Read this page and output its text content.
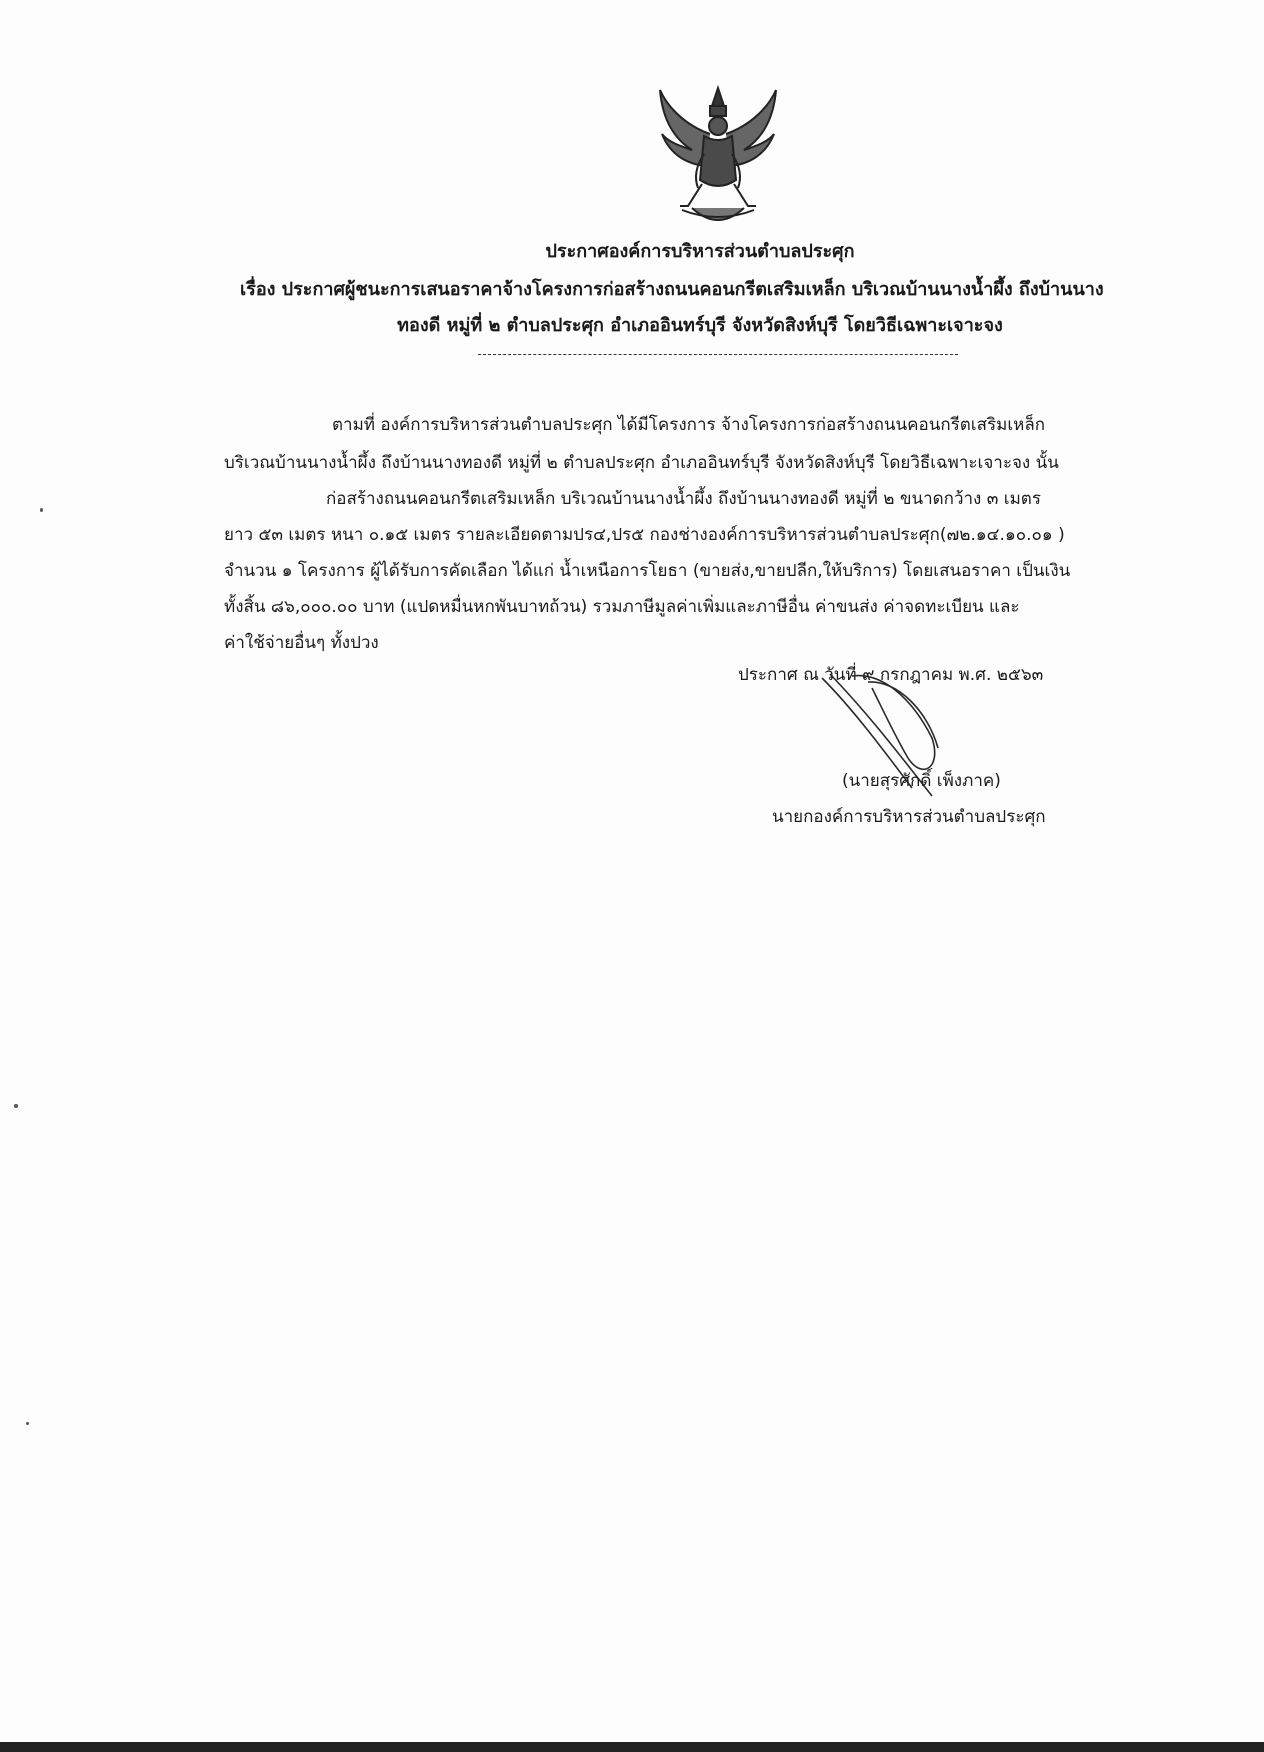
ประกาศองค์การบริหารส่วนตำบลประศุก
เรื่อง ประกาศผู้ชนะการเสนอราคาจ้างโครงการก่อสร้างถนนคอนกรีตเสริมเหล็ก บริเวณบ้านนางน้ำผึ้ง ถึงบ้านนาง
ทองดี หมู่ที่ ๒ ตำบลประศุก อำเภออินทร์บุรี จังหวัดสิงห์บุรี โดยวิธีเฉพาะเจาะจง
ตามที่ องค์การบริหารส่วนตำบลประศุก ได้มีโครงการ จ้างโครงการก่อสร้างถนนคอนกรีตเสริมเหล็ก
บริเวณบ้านนางน้ำผึ้ง ถึงบ้านนางทองดี หมู่ที่ ๒ ตำบลประศุก อำเภออินทร์บุรี จังหวัดสิงห์บุรี โดยวิธีเฉพาะเจาะจง นั้น
ก่อสร้างถนนคอนกรีตเสริมเหล็ก บริเวณบ้านนางน้ำผึ้ง ถึงบ้านนางทองดี หมู่ที่ ๒ ขนาดกว้าง ๓ เมตร
ยาว ๕๓ เมตร หนา ๐.๑๕ เมตร รายละเอียดตามปร๔,ปร๕ กองช่างองค์การบริหารส่วนตำบลประศุก(๗๒.๑๔.๑๐.๐๑ )
จำนวน ๑ โครงการ ผู้ได้รับการคัดเลือก ได้แก่ น้ำเหนือการโยธา (ขายส่ง,ขายปลีก,ให้บริการ) โดยเสนอราคา เป็นเงิน
ทั้งสิ้น ๘๖,๐๐๐.๐๐ บาท (แปดหมื่นหกพันบาทถ้วน) รวมภาษีมูลค่าเพิ่มและภาษีอื่น ค่าขนส่ง ค่าจดทะเบียน และ
ค่าใช้จ่ายอื่นๆ ทั้งปวง
ประกาศ ณ วันที่ ๙ กรกฎาคม พ.ศ. ๒๕๖๓
(นายสุรศักดิ์ เพ็งภาค)
นายกองค์การบริหารส่วนตำบลประศุก
